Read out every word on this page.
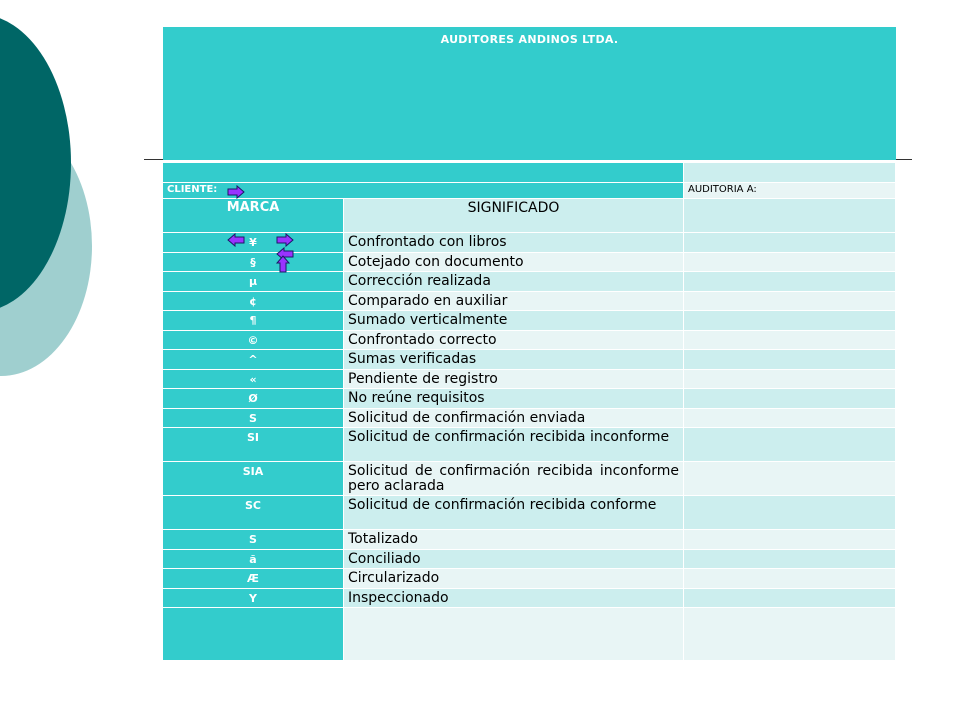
AUDITORES ANDINOS LTDA.
CLIENTE:	AUDITORIA A:
MARCA	SIGNIFICADO
¥	Confrontado con libros
§	Cotejado con documento
µ	Corrección realizada
¢	Comparado en auxiliar
¶	Sumado verticalmente
©	Confrontado correcto
^	Sumas verificadas
«	Pendiente de registro
Ø	No reúne requisitos
S	Solicitud de confirmación enviada
SI	Solicitud de confirmación recibida inconforme
SIA	Solicitud de confirmación recibida inconforme pero aclarada
SC	Solicitud de confirmación recibida conforme
S	Totalizado
ã	Conciliado
Æ	Circularizado
Y	Inspeccionado
